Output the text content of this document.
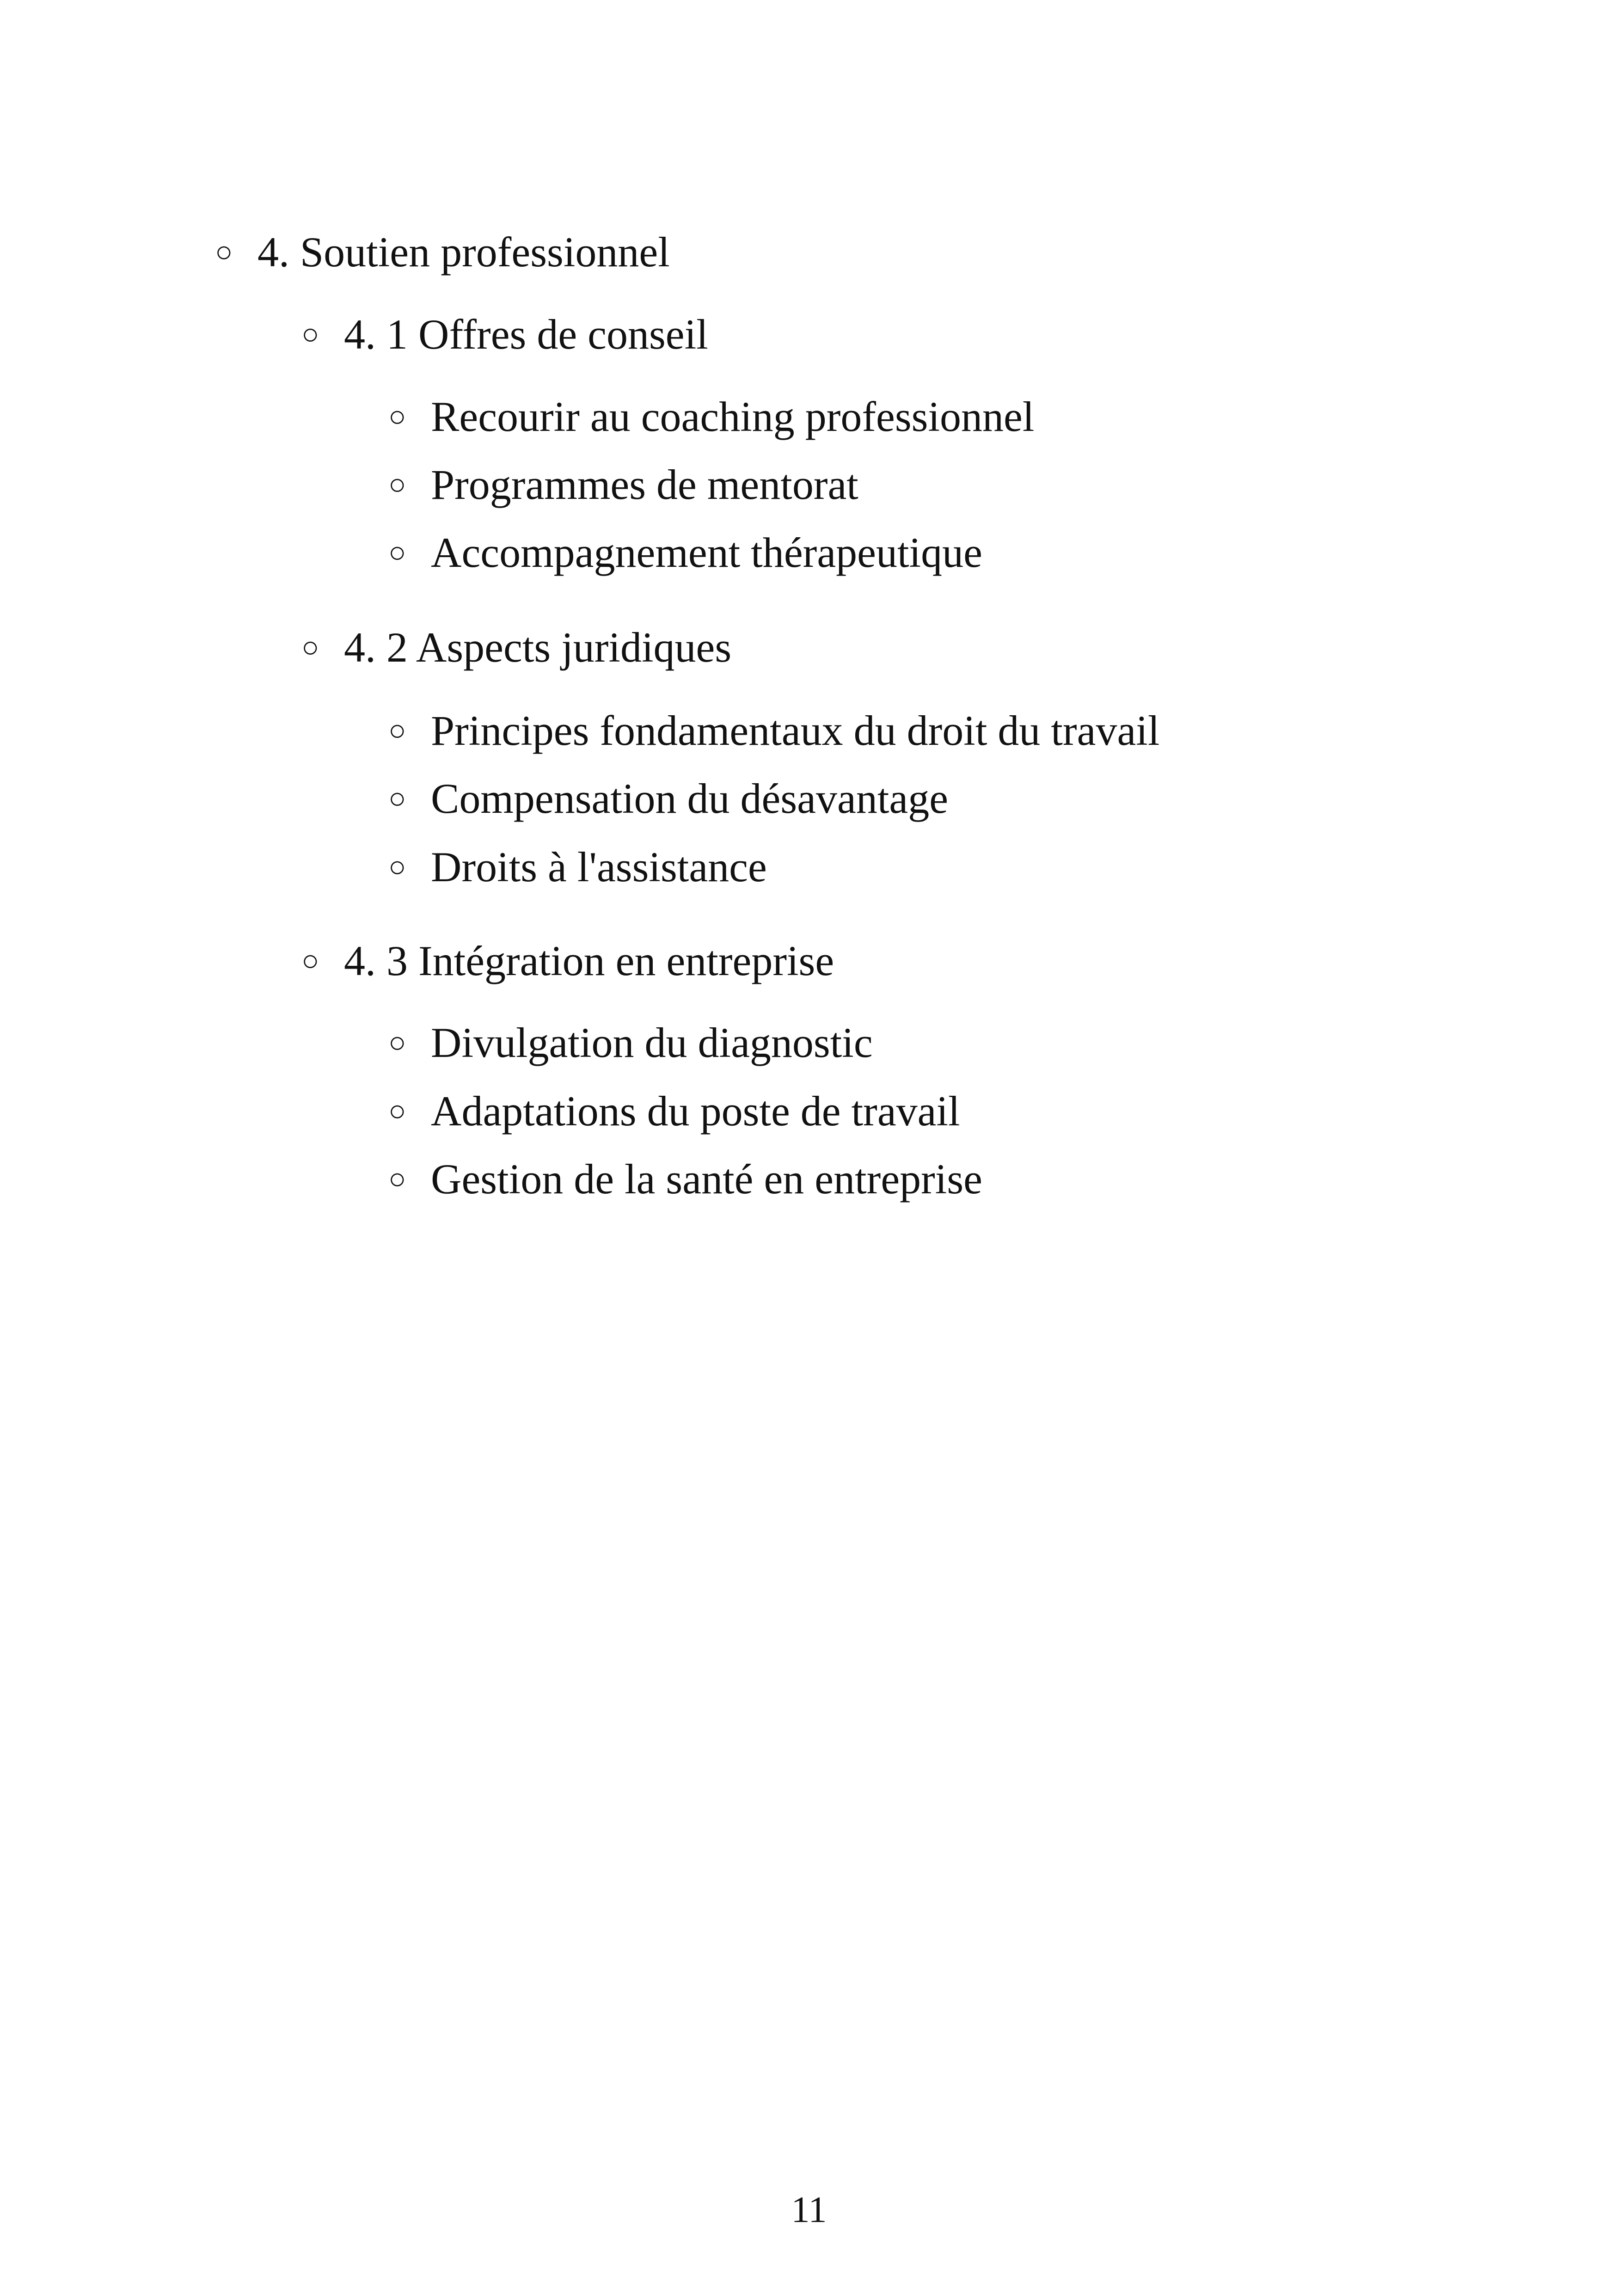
○ 4. Soutien professionnel
○ 4. 1 Offres de conseil
○ Recourir au coaching professionnel
○ Programmes de mentorat
○ Accompagnement thérapeutique
○ 4. 2 Aspects juridiques
○ Principes fondamentaux du droit du travail
○ Compensation du désavantage
○ Droits à l'assistance
○ 4. 3 Intégration en entreprise
○ Divulgation du diagnostic
○ Adaptations du poste de travail
○ Gestion de la santé en entreprise
11
